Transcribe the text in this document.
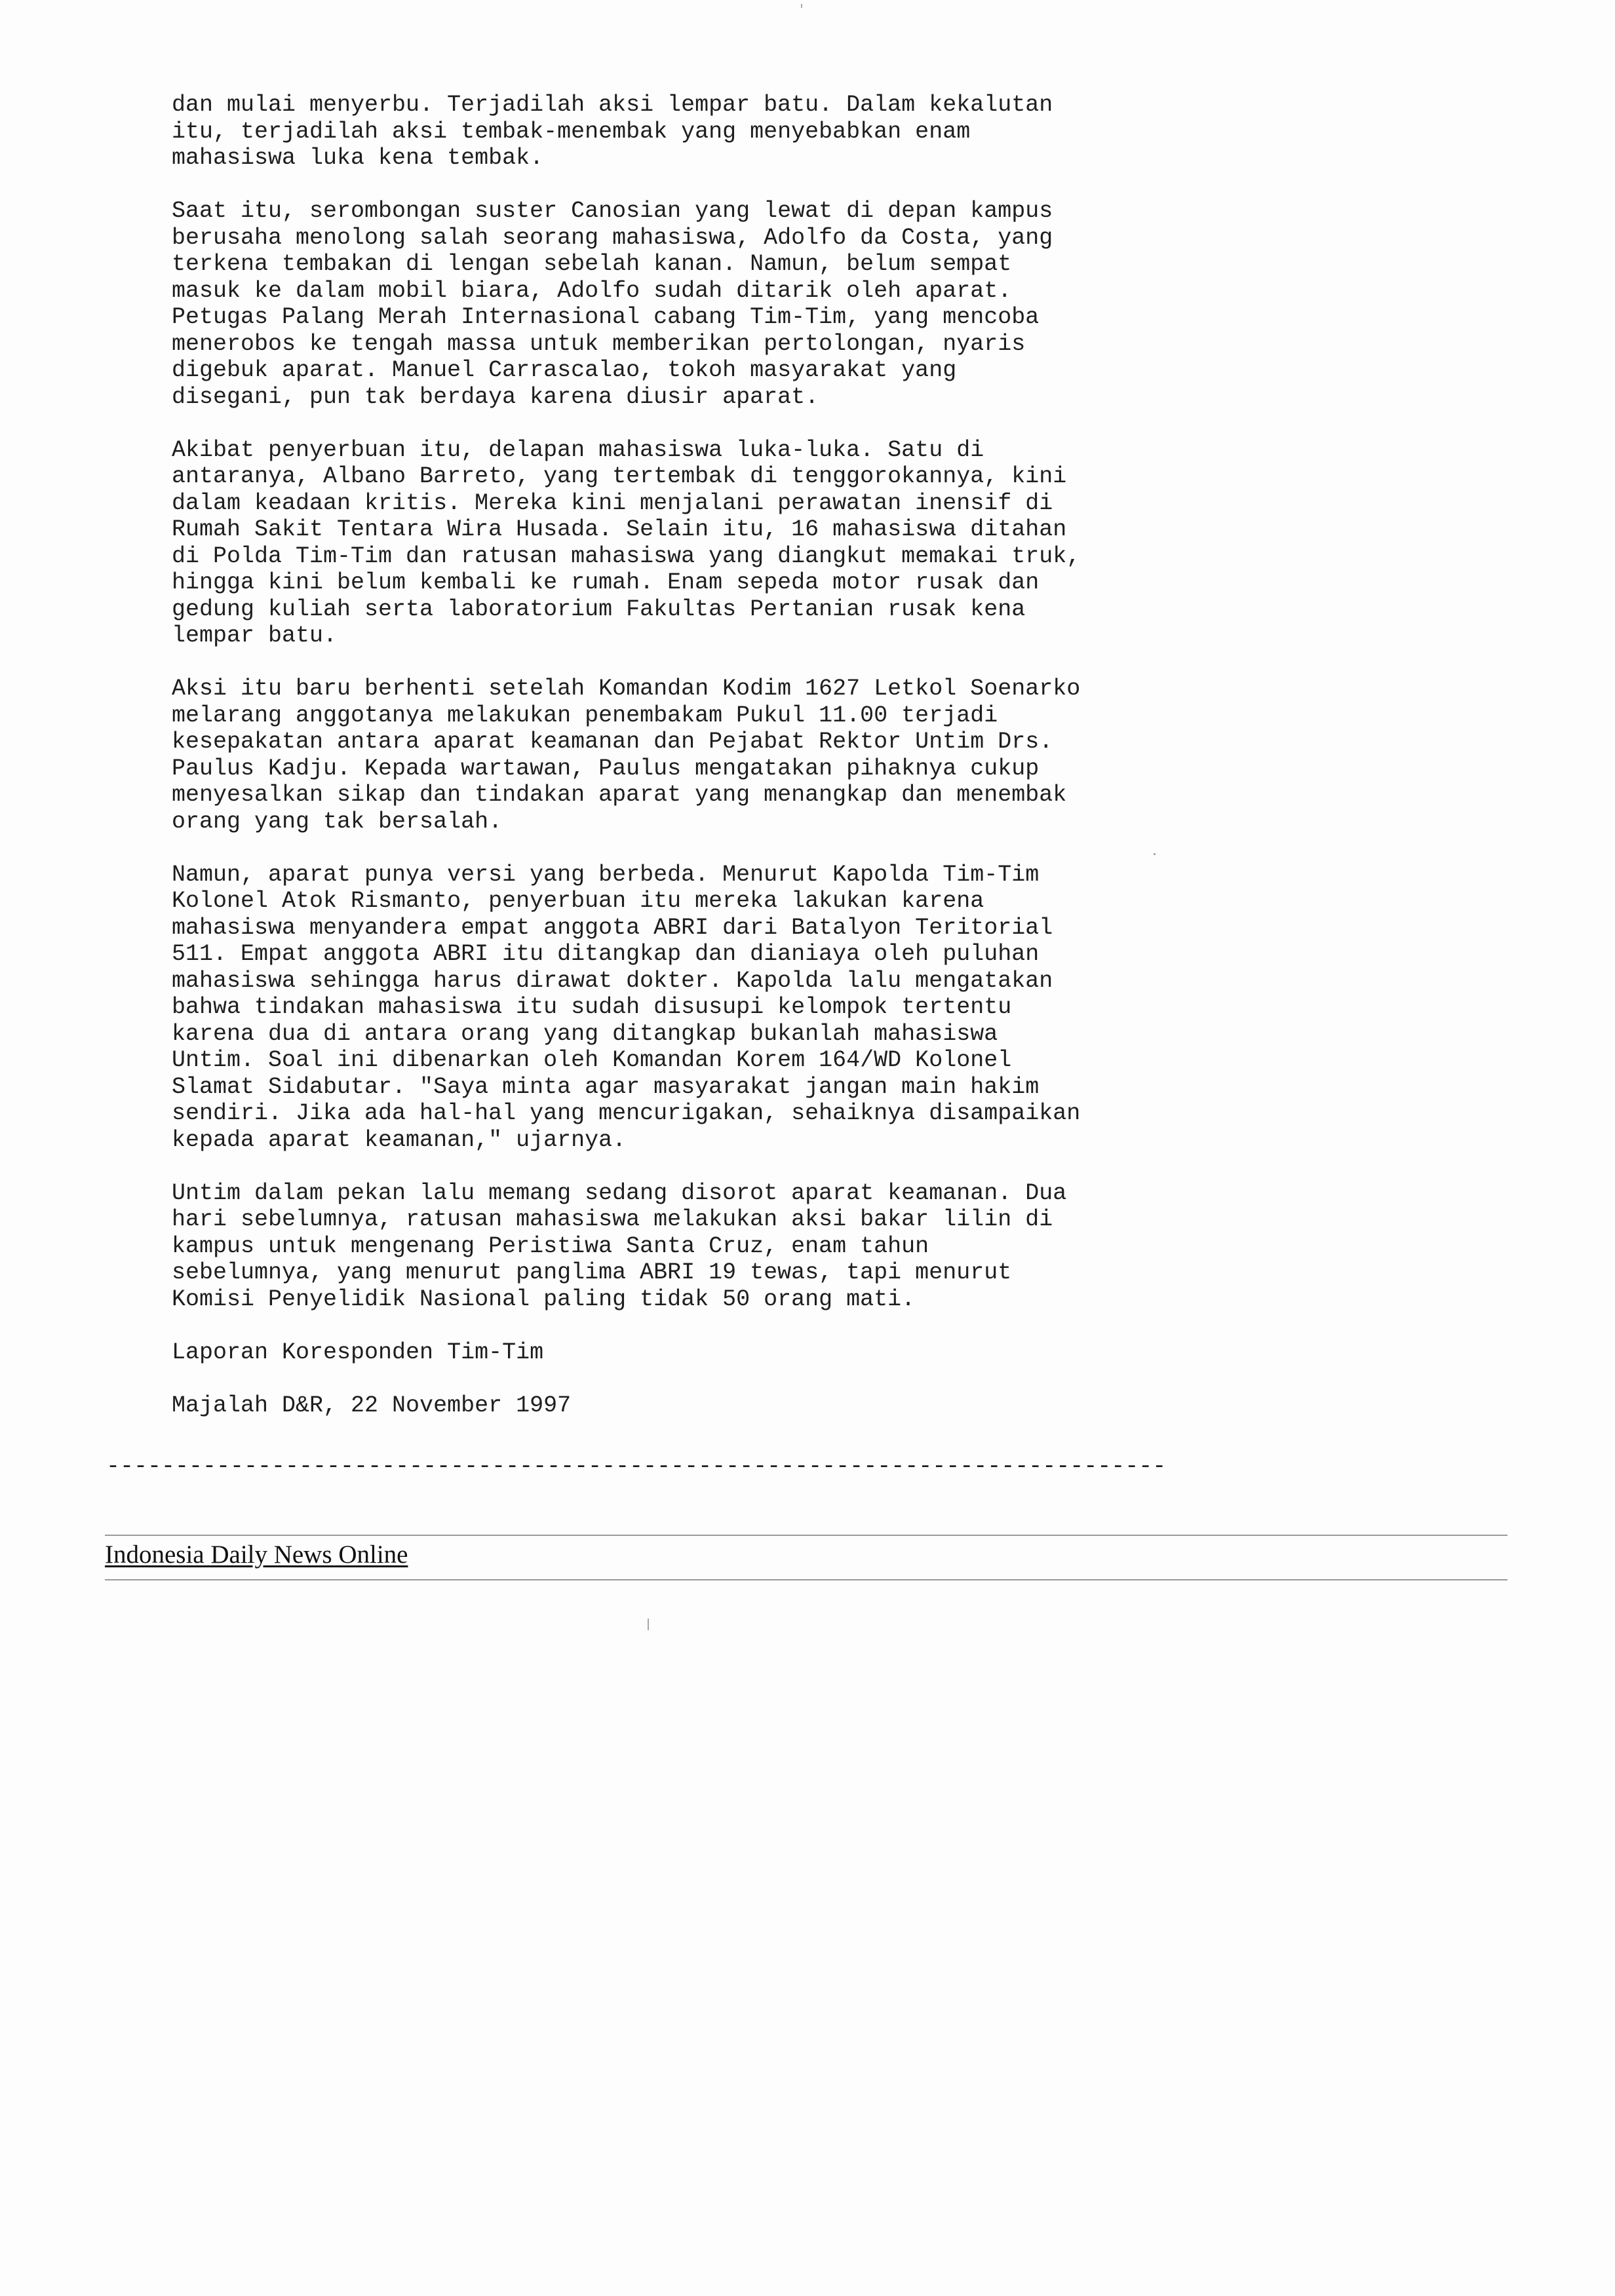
dan mulai menyerbu. Terjadilah aksi lempar batu. Dalam kekalutan
itu, terjadilah aksi tembak-menembak yang menyebabkan enam
mahasiswa luka kena tembak.

Saat itu, serombongan suster Canosian yang lewat di depan kampus
berusaha menolong salah seorang mahasiswa, Adolfo da Costa, yang
terkena tembakan di lengan sebelah kanan. Namun, belum sempat
masuk ke dalam mobil biara, Adolfo sudah ditarik oleh aparat.
Petugas Palang Merah Internasional cabang Tim-Tim, yang mencoba
menerobos ke tengah massa untuk memberikan pertolongan, nyaris
digebuk aparat. Manuel Carrascalao, tokoh masyarakat yang
disegani, pun tak berdaya karena diusir aparat.

Akibat penyerbuan itu, delapan mahasiswa luka-luka. Satu di
antaranya, Albano Barreto, yang tertembak di tenggorokannya, kini
dalam keadaan kritis. Mereka kini menjalani perawatan inensif di
Rumah Sakit Tentara Wira Husada. Selain itu, 16 mahasiswa ditahan
di Polda Tim-Tim dan ratusan mahasiswa yang diangkut memakai truk,
hingga kini belum kembali ke rumah. Enam sepeda motor rusak dan
gedung kuliah serta laboratorium Fakultas Pertanian rusak kena
lempar batu.

Aksi itu baru berhenti setelah Komandan Kodim 1627 Letkol Soenarko
melarang anggotanya melakukan penembakam Pukul 11.00 terjadi
kesepakatan antara aparat keamanan dan Pejabat Rektor Untim Drs.
Paulus Kadju. Kepada wartawan, Paulus mengatakan pihaknya cukup
menyesalkan sikap dan tindakan aparat yang menangkap dan menembak
orang yang tak bersalah.

Namun, aparat punya versi yang berbeda. Menurut Kapolda Tim-Tim
Kolonel Atok Rismanto, penyerbuan itu mereka lakukan karena
mahasiswa menyandera empat anggota ABRI dari Batalyon Teritorial
511. Empat anggota ABRI itu ditangkap dan dianiaya oleh puluhan
mahasiswa sehingga harus dirawat dokter. Kapolda lalu mengatakan
bahwa tindakan mahasiswa itu sudah disusupi kelompok tertentu
karena dua di antara orang yang ditangkap bukanlah mahasiswa
Untim. Soal ini dibenarkan oleh Komandan Korem 164/WD Kolonel
Slamat Sidabutar. "Saya minta agar masyarakat jangan main hakim
sendiri. Jika ada hal-hal yang mencurigakan, sehaiknya disampaikan
kepada aparat keamanan," ujarnya.

Untim dalam pekan lalu memang sedang disorot aparat keamanan. Dua
hari sebelumnya, ratusan mahasiswa melakukan aksi bakar lilin di
kampus untuk mengenang Peristiwa Santa Cruz, enam tahun
sebelumnya, yang menurut panglima ABRI 19 tewas, tapi menurut
Komisi Penyelidik Nasional paling tidak 50 orang mati.

Laporan Koresponden Tim-Tim

Majalah D&R, 22 November 1997

-----------------------------------------------------------------------------
Indonesia Daily News Online
